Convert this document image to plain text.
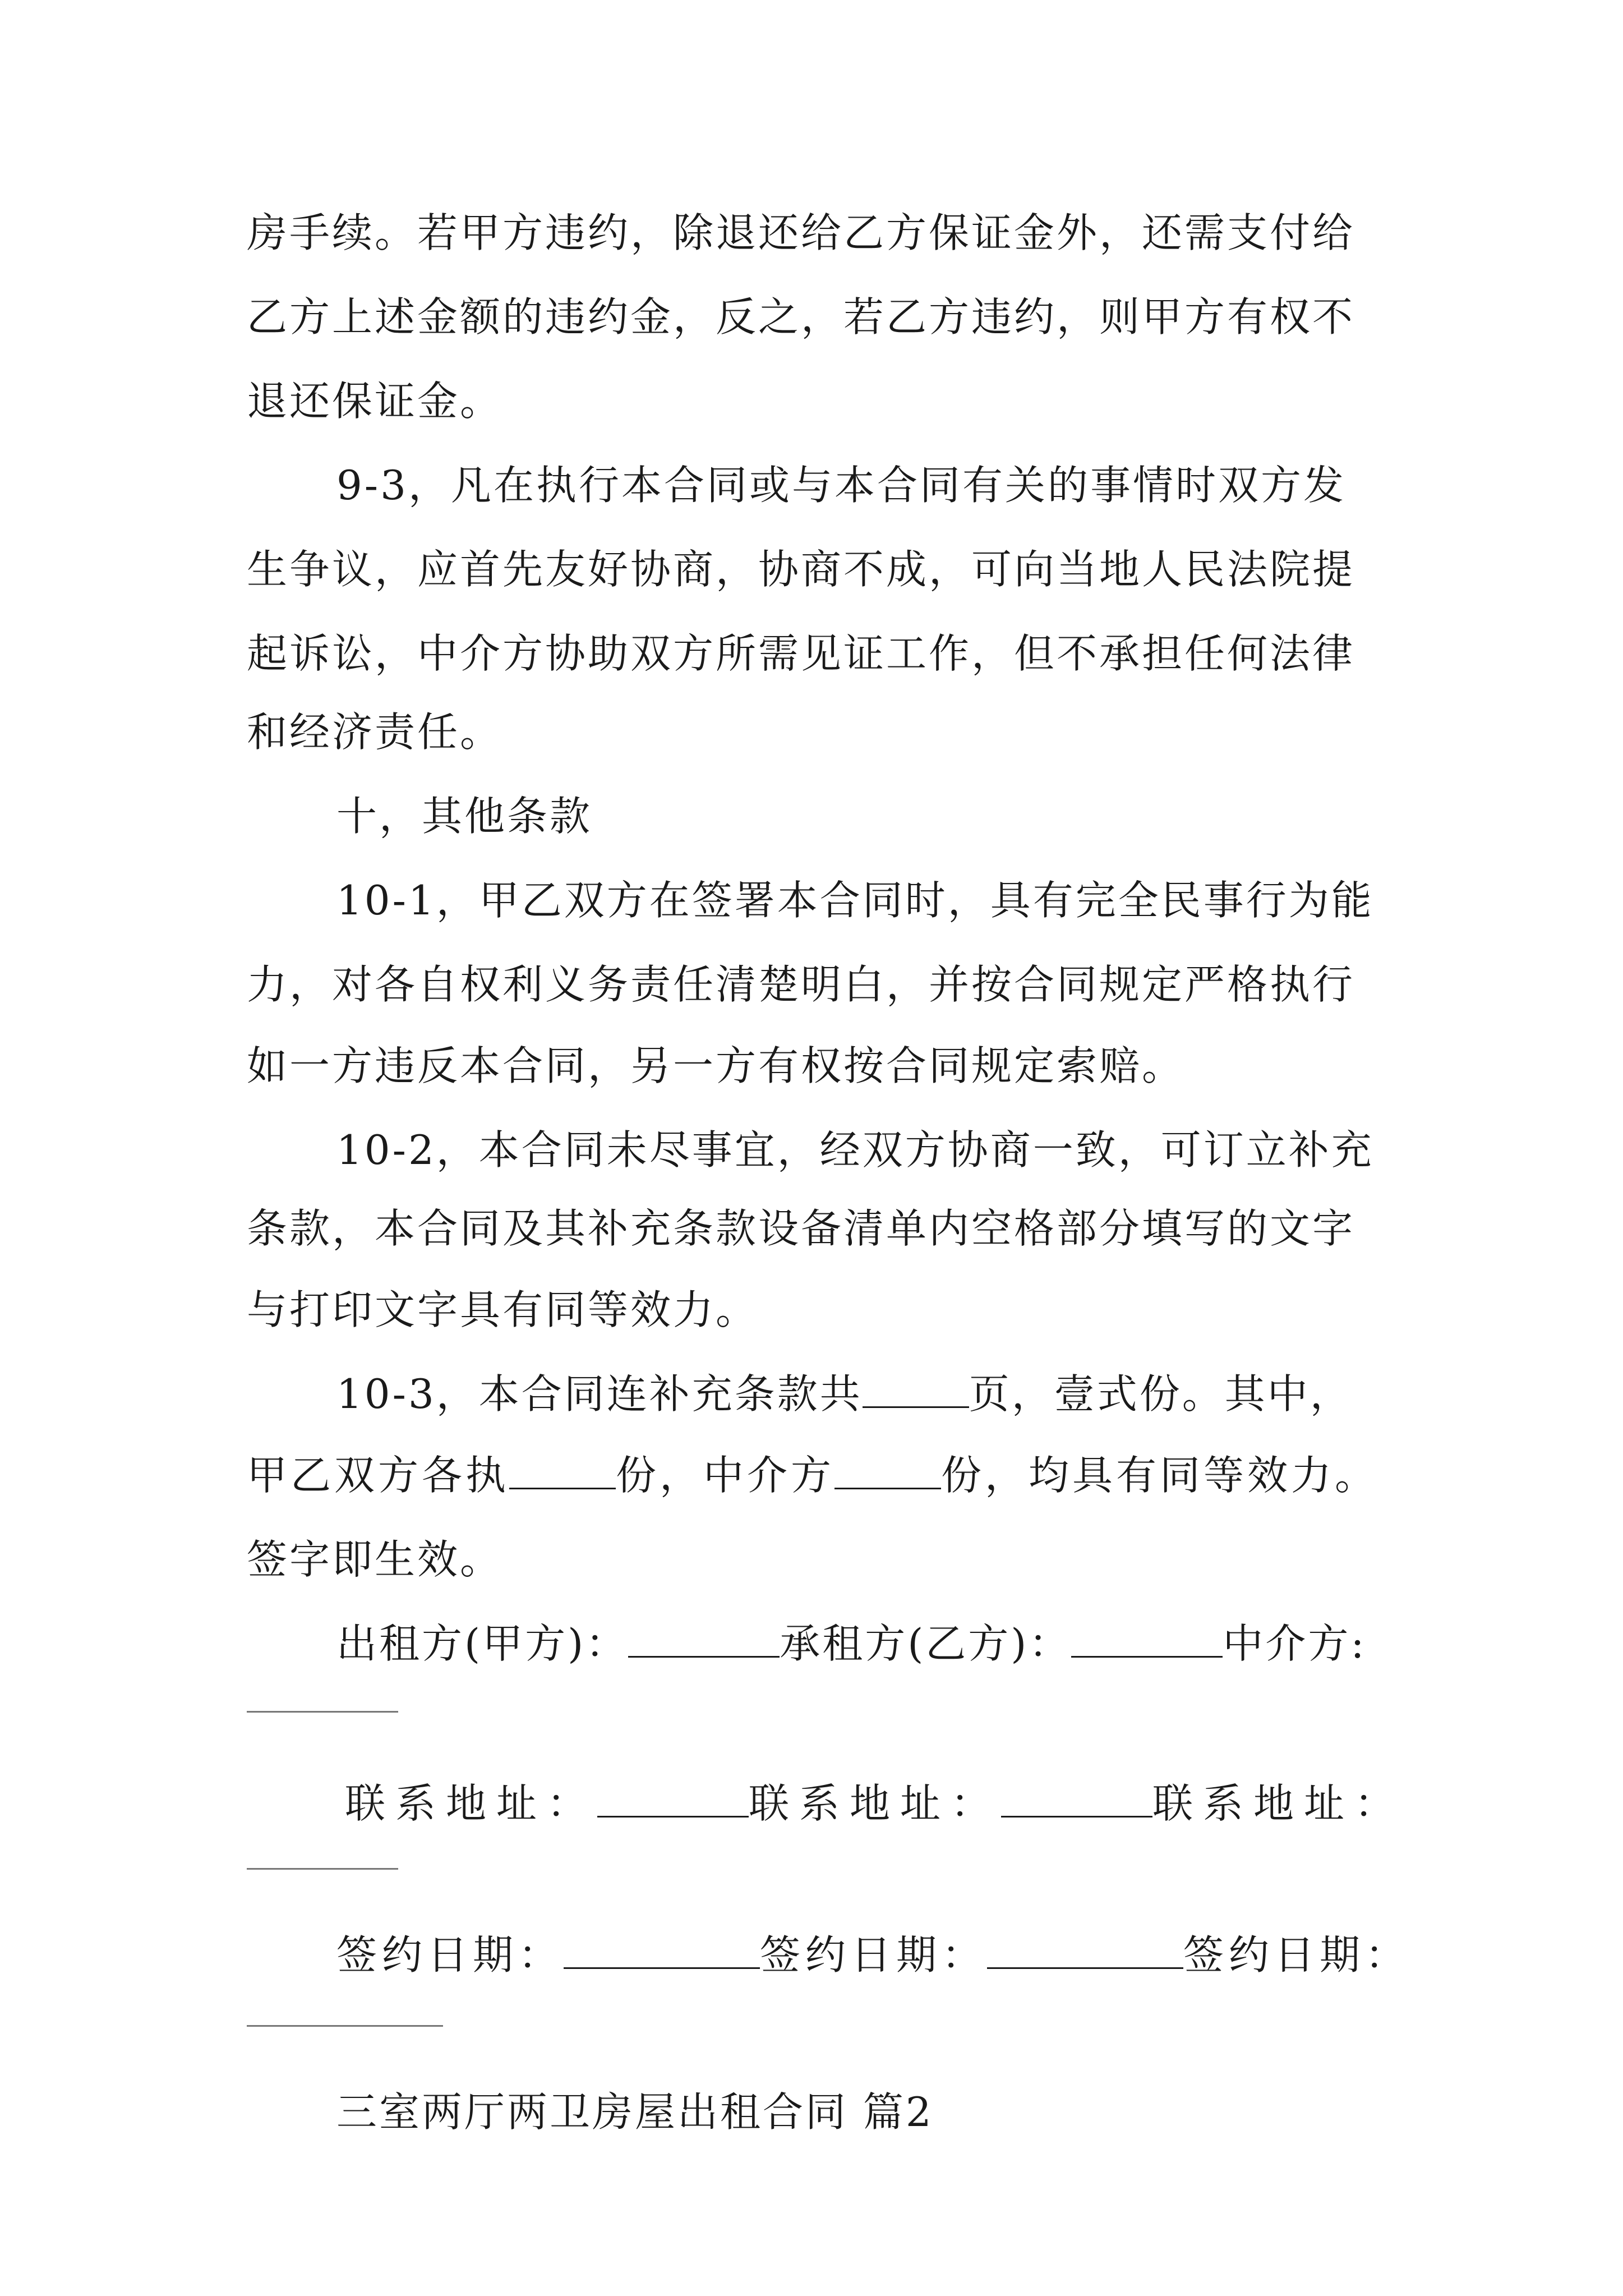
房手续。若甲方违约，除退还给乙方保证金外，还需支付给
乙方上述金额的违约金，反之，若乙方违约，则甲方有权不
退还保证金。
9-3，凡在执行本合同或与本合同有关的事情时双方发
生争议，应首先友好协商，协商不成，可向当地人民法院提
起诉讼，中介方协助双方所需见证工作，但不承担任何法律
和经济责任。
十，其他条款
10-1，甲乙双方在签署本合同时，具有完全民事行为能
力，对各自权利义务责任清楚明白，并按合同规定严格执行
如一方违反本合同，另一方有权按合同规定索赔。
10-2，本合同未尽事宜，经双方协商一致，可订立补充
条款，本合同及其补充条款设备清单内空格部分填写的文字
与打印文字具有同等效力。
10-3，本合同连补充条款共	页，壹式份。其中，
甲乙双方各执	份，中介方	份，均具有同等效力。
签字即生效。
出租方(甲方)：	承租方(乙方)：	中介方:
联系地址：	联系地址：	联系地址：
签约日期：	签约日期：	签约日期：
三室两厅两卫房屋出租合同 篇2
